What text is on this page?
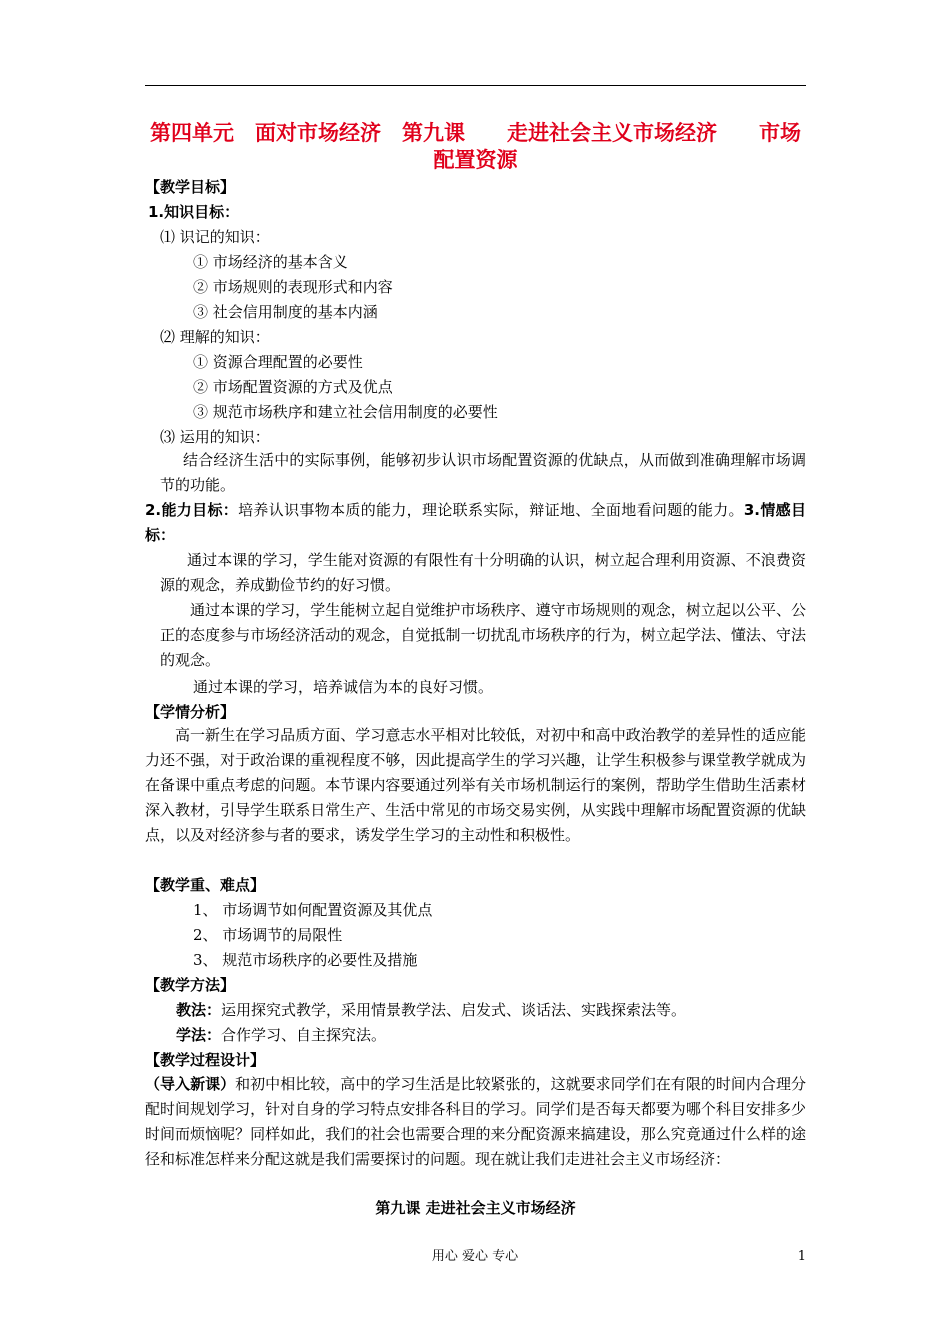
第四单元　面对市场经济　第九课　　走进社会主义市场经济　　市场配置资源
【教学目标】
1.知识目标：
⑴ 识记的知识：
① 市场经济的基本含义
② 市场规则的表现形式和内容
③ 社会信用制度的基本内涵
⑵ 理解的知识：
① 资源合理配置的必要性
② 市场配置资源的方式及优点
③ 规范市场秩序和建立社会信用制度的必要性
⑶ 运用的知识：
结合经济生活中的实际事例，能够初步认识市场配置资源的优缺点，从而做到准确理解市场调节的功能。
2.能力目标：培养认识事物本质的能力，理论联系实际，辩证地、全面地看问题的能力。3.情感目标：
通过本课的学习，学生能对资源的有限性有十分明确的认识，树立起合理利用资源、不浪费资源的观念，养成勤俭节约的好习惯。
通过本课的学习，学生能树立起自觉维护市场秩序、遵守市场规则的观念，树立起以公平、公正的态度参与市场经济活动的观念，自觉抵制一切扰乱市场秩序的行为，树立起学法、懂法、守法的观念。
通过本课的学习，培养诚信为本的良好习惯。
【学情分析】
高一新生在学习品质方面、学习意志水平相对比较低，对初中和高中政治教学的差异性的适应能力还不强，对于政治课的重视程度不够，因此提高学生的学习兴趣，让学生积极参与课堂教学就成为在备课中重点考虑的问题。本节课内容要通过列举有关市场机制运行的案例，帮助学生借助生活素材深入教材，引导学生联系日常生产、生活中常见的市场交易实例，从实践中理解市场配置资源的优缺点，以及对经济参与者的要求，诱发学生学习的主动性和积极性。
【教学重、难点】
1、 市场调节如何配置资源及其优点
2、 市场调节的局限性
3、 规范市场秩序的必要性及措施
【教学方法】
教法：运用探究式教学，采用情景教学法、启发式、谈话法、实践探索法等。
学法：合作学习、自主探究法。
【教学过程设计】
（导入新课）和初中相比较，高中的学习生活是比较紧张的，这就要求同学们在有限的时间内合理分配时间规划学习，针对自身的学习特点安排各科目的学习。同学们是否每天都要为哪个科目安排多少时间而烦恼呢？同样如此，我们的社会也需要合理的来分配资源来搞建设，那么究竟通过什么样的途径和标准怎样来分配这就是我们需要探讨的问题。现在就让我们走进社会主义市场经济：
第九课 走进社会主义市场经济
用心 爱心 专心	1
